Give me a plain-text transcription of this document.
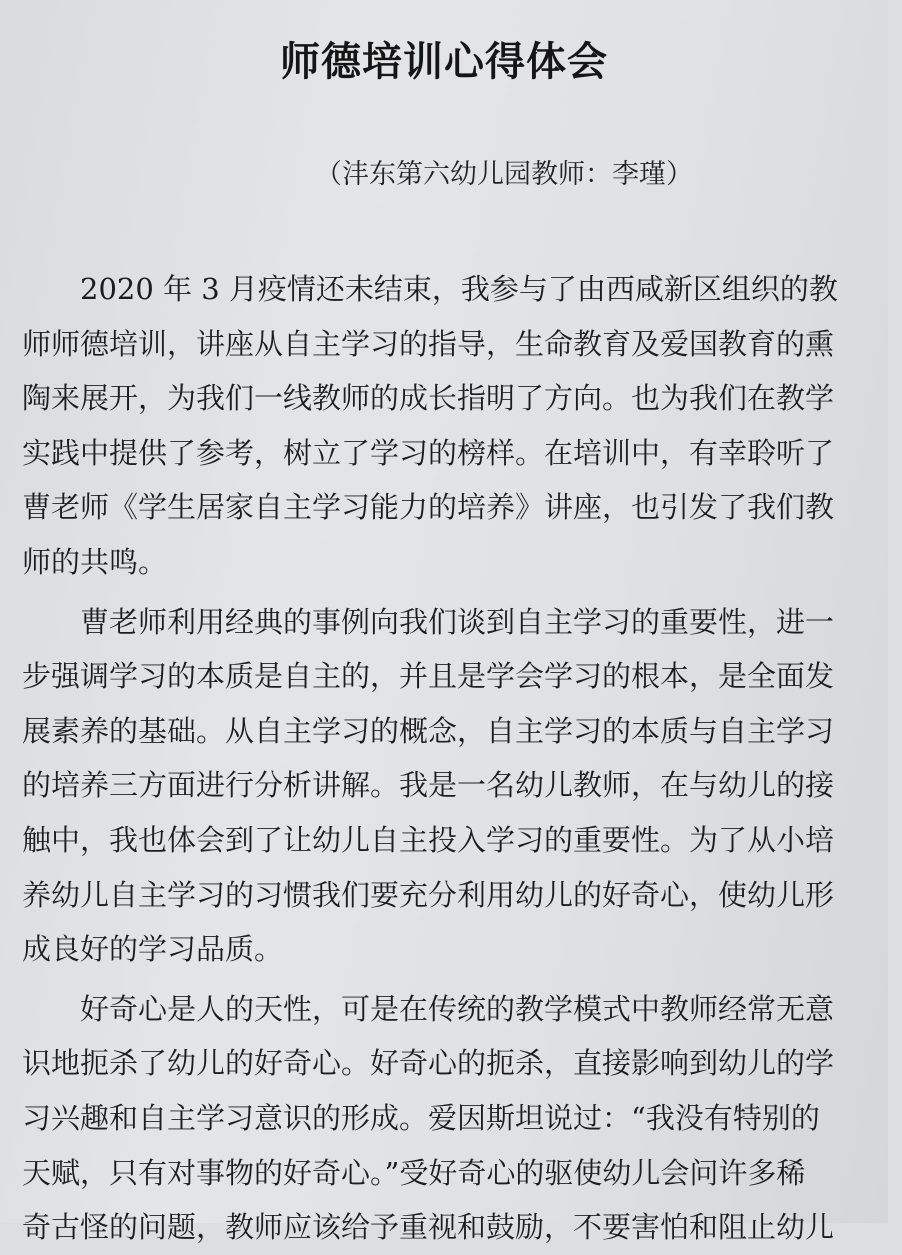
师德培训心得体会
（沣东第六幼儿园教师：李瑾）
2020 年 3 月疫情还未结束，我参与了由西咸新区组织的教
师师德培训，讲座从自主学习的指导，生命教育及爱国教育的熏
陶来展开，为我们一线教师的成长指明了方向。也为我们在教学
实践中提供了参考，树立了学习的榜样。在培训中，有幸聆听了
曹老师《学生居家自主学习能力的培养》讲座，也引发了我们教
师的共鸣。
曹老师利用经典的事例向我们谈到自主学习的重要性，进一
步强调学习的本质是自主的，并且是学会学习的根本，是全面发
展素养的基础。从自主学习的概念，自主学习的本质与自主学习
的培养三方面进行分析讲解。我是一名幼儿教师，在与幼儿的接
触中，我也体会到了让幼儿自主投入学习的重要性。为了从小培
养幼儿自主学习的习惯我们要充分利用幼儿的好奇心，使幼儿形
成良好的学习品质。
好奇心是人的天性，可是在传统的教学模式中教师经常无意
识地扼杀了幼儿的好奇心。好奇心的扼杀，直接影响到幼儿的学
习兴趣和自主学习意识的形成。爱因斯坦说过：“我没有特别的
天赋，只有对事物的好奇心。”受好奇心的驱使幼儿会问许多稀
奇古怪的问题，教师应该给予重视和鼓励，不要害怕和阻止幼儿
